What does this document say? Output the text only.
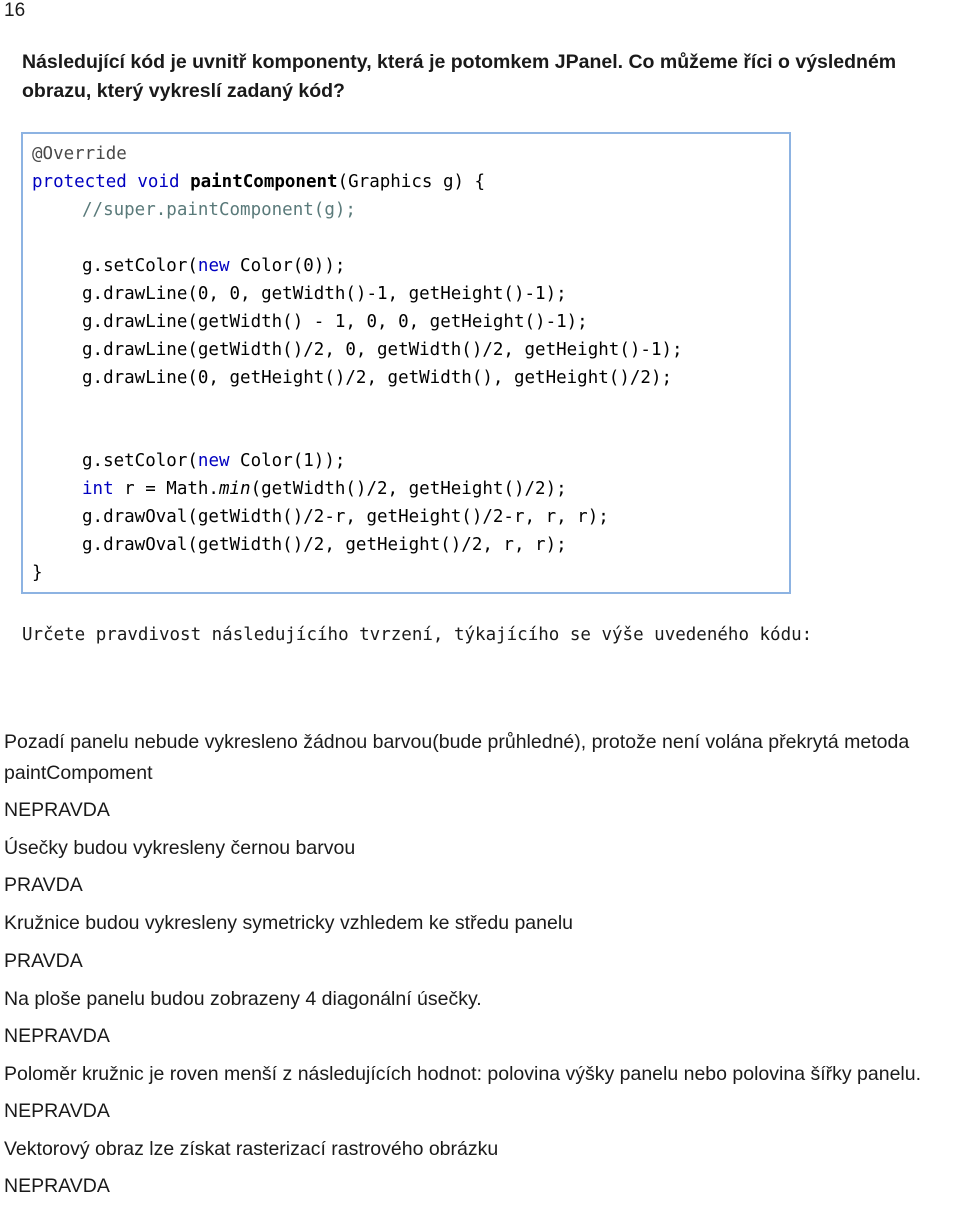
16
Následující kód je uvnitř komponenty, která je potomkem JPanel. Co můžeme říci o výsledném obrazu, který vykreslí zadaný kód?
@Override
protected void paintComponent(Graphics g) {
//super.paintComponent(g);
g.setColor(new Color(0));
g.drawLine(0, 0, getWidth()-1, getHeight()-1);
g.drawLine(getWidth() - 1, 0, 0, getHeight()-1);
g.drawLine(getWidth()/2, 0, getWidth()/2, getHeight()-1);
g.drawLine(0, getHeight()/2, getWidth(), getHeight()/2);
g.setColor(new Color(1));
int r = Math.min(getWidth()/2, getHeight()/2);
g.drawOval(getWidth()/2-r, getHeight()/2-r, r, r);
g.drawOval(getWidth()/2, getHeight()/2, r, r);
}
Určete pravdivost následujícího tvrzení, týkajícího se výše uvedeného kódu:
Pozadí panelu nebude vykresleno žádnou barvou(bude průhledné), protože není volána překrytá metoda paintCompoment
NEPRAVDA
Úsečky budou vykresleny černou barvou
PRAVDA
Kružnice budou vykresleny symetricky vzhledem ke středu panelu
PRAVDA
Na ploše panelu budou zobrazeny 4 diagonální úsečky.
NEPRAVDA
Poloměr kružnic je roven menší z následujících hodnot: polovina výšky panelu nebo polovina šířky panelu.
NEPRAVDA
Vektorový obraz lze získat rasterizací rastrového obrázku
NEPRAVDA
